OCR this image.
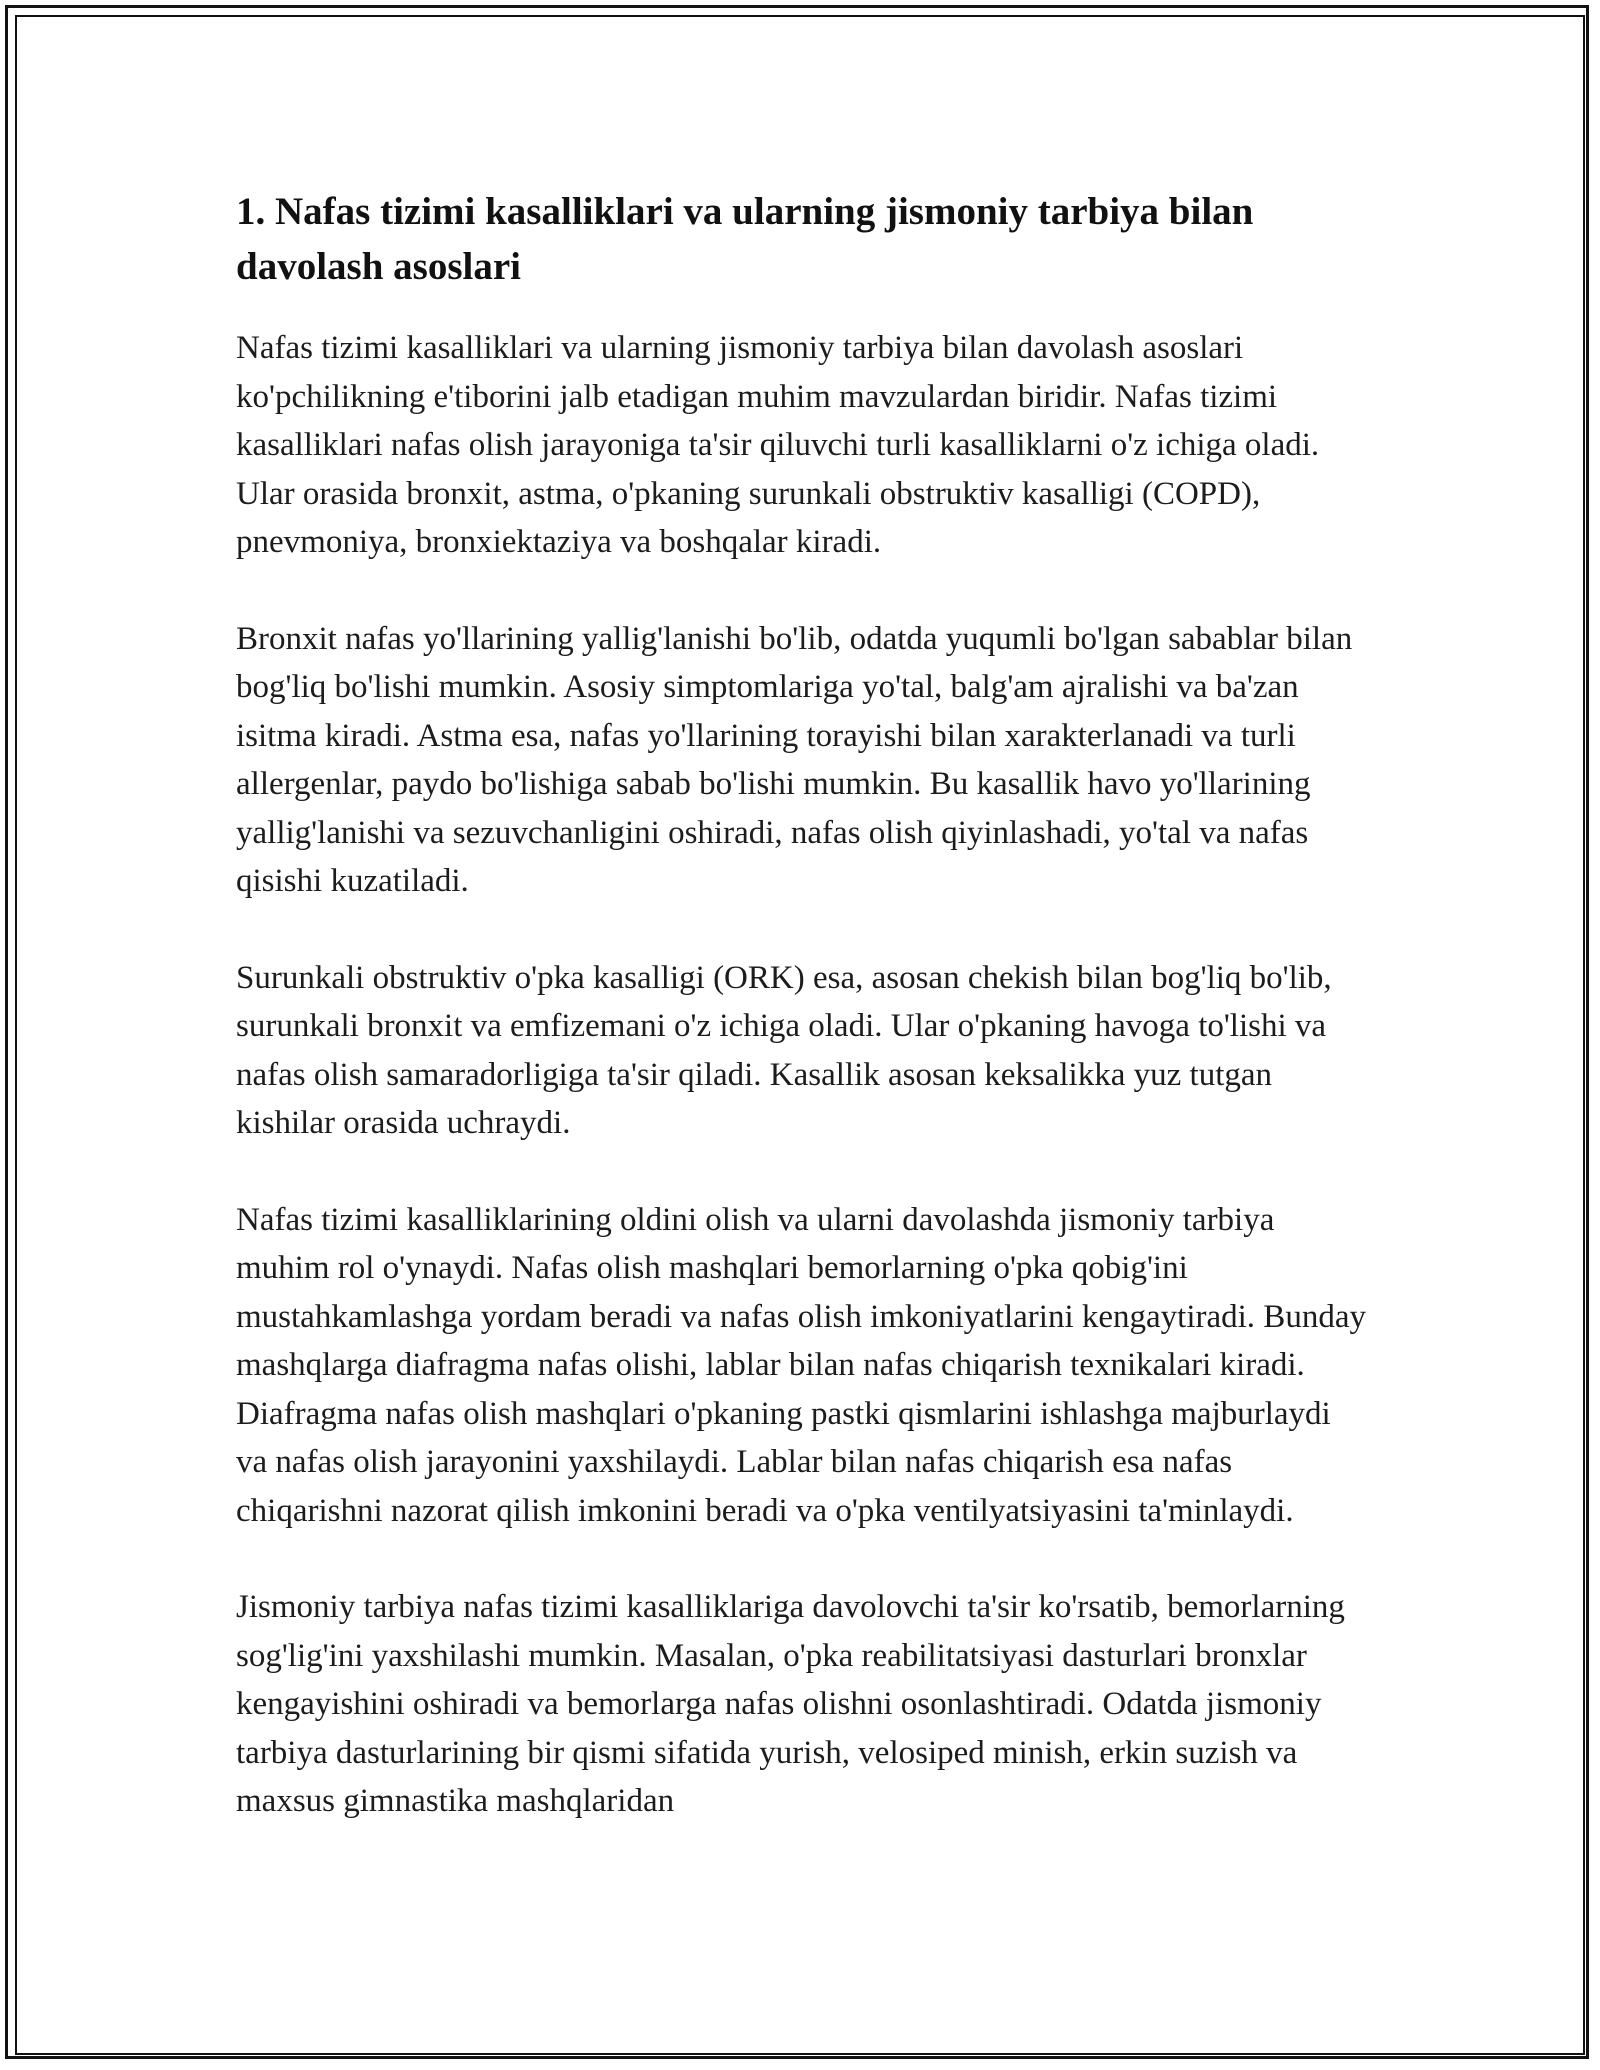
1. Nafas tizimi kasalliklari va ularning jismoniy tarbiya bilan davolash asoslari

Nafas tizimi kasalliklari va ularning jismoniy tarbiya bilan davolash asoslari ko'pchilikning e'tiborini jalb etadigan muhim mavzulardan biridir. Nafas tizimi kasalliklari nafas olish jarayoniga ta'sir qiluvchi turli kasalliklarni o'z ichiga oladi. Ular orasida bronxit, astma, o'pkaning surunkali obstruktiv kasalligi (COPD), pnevmoniya, bronxiektaziya va boshqalar kiradi.

Bronxit nafas yo'llarining yallig'lanishi bo'lib, odatda yuqumli bo'lgan sabablar bilan bog'liq bo'lishi mumkin. Asosiy simptomlariga yo'tal, balg'am ajralishi va ba'zan isitma kiradi. Astma esa, nafas yo'llarining torayishi bilan xarakterlanadi va turli allergenlar, paydo bo'lishiga sabab bo'lishi mumkin. Bu kasallik havo yo'llarining yallig'lanishi va sezuvchanligini oshiradi, nafas olish qiyinlashadi, yo'tal va nafas qisishi kuzatiladi.

Surunkali obstruktiv o'pka kasalligi (ORK) esa, asosan chekish bilan bog'liq bo'lib, surunkali bronxit va emfizemani o'z ichiga oladi. Ular o'pkaning havoga to'lishi va nafas olish samaradorligiga ta'sir qiladi. Kasallik asosan keksalikka yuz tutgan kishilar orasida uchraydi.

Nafas tizimi kasalliklarining oldini olish va ularni davolashda jismoniy tarbiya muhim rol o'ynaydi. Nafas olish mashqlari bemorlarning o'pka qobig'ini mustahkamlashga yordam beradi va nafas olish imkoniyatlarini kengaytiradi. Bunday mashqlarga diafragma nafas olishi, lablar bilan nafas chiqarish texnikalari kiradi. Diafragma nafas olish mashqlari o'pkaning pastki qismlarini ishlashga majburlaydi va nafas olish jarayonini yaxshilaydi. Lablar bilan nafas chiqarish esa nafas chiqarishni nazorat qilish imkonini beradi va o'pka ventilyatsiyasini ta'minlaydi.

Jismoniy tarbiya nafas tizimi kasalliklariga davolovchi ta'sir ko'rsatib, bemorlarning sog'lig'ini yaxshilashi mumkin. Masalan, o'pka reabilitatsiyasi dasturlari bronxlar kengayishini oshiradi va bemorlarga nafas olishni osonlashtiradi. Odatda jismoniy tarbiya dasturlarining bir qismi sifatida yurish, velosiped minish, erkin suzish va maxsus gimnastika mashqlaridan
